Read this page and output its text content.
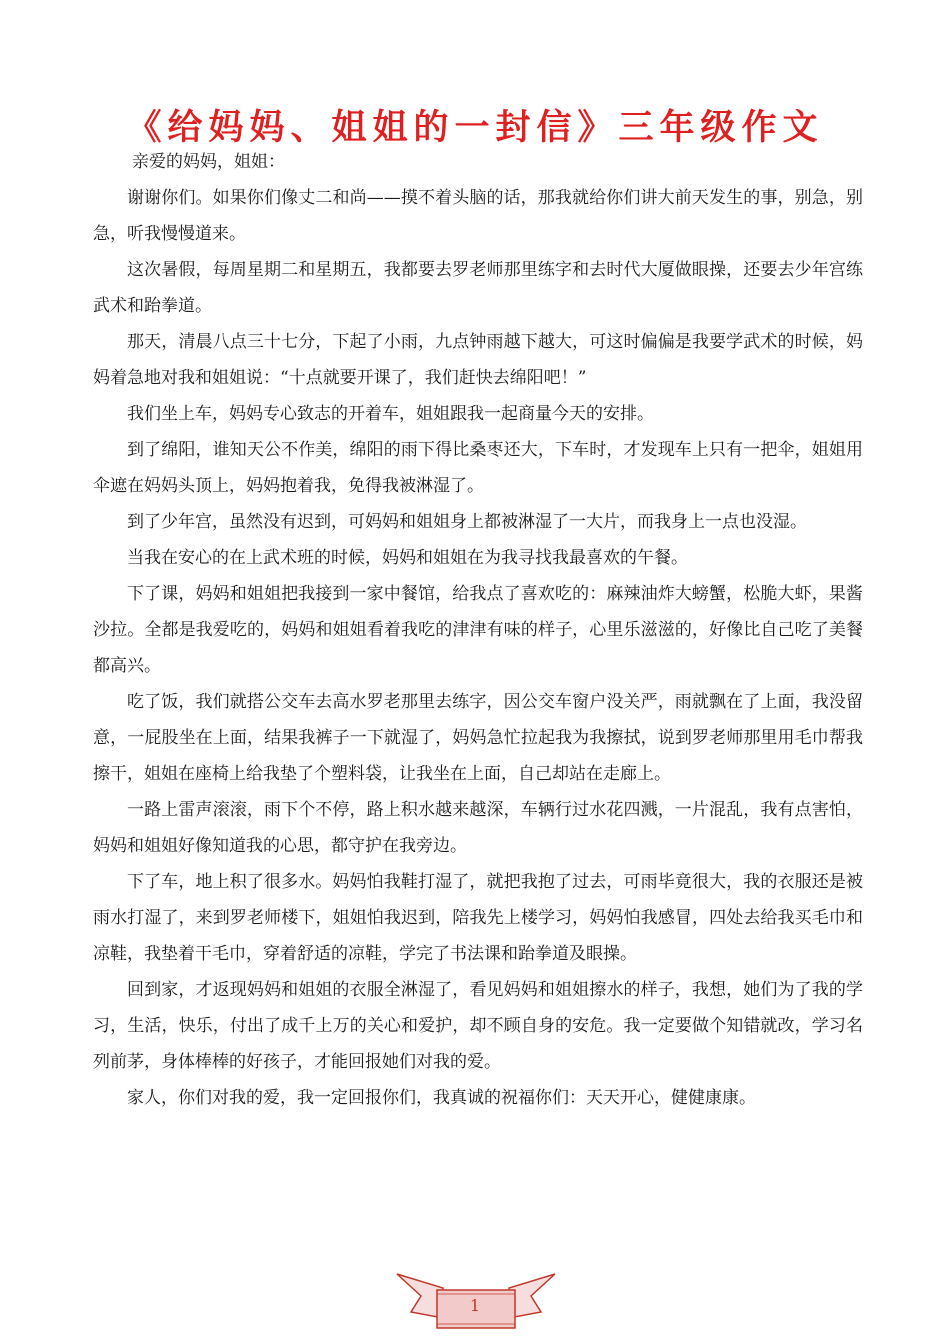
《给妈妈、姐姐的一封信》三年级作文
亲爱的妈妈，姐姐：

谢谢你们。如果你们像丈二和尚——摸不着头脑的话，那我就给你们讲大前天发生的事，别急，别急，听我慢慢道来。

这次暑假，每周星期二和星期五，我都要去罗老师那里练字和去时代大厦做眼操，还要去少年宫练武术和跆拳道。

那天，清晨八点三十七分，下起了小雨，九点钟雨越下越大，可这时偏偏是我要学武术的时候，妈妈着急地对我和姐姐说：“十点就要开课了，我们赶快去绵阳吧！”

我们坐上车，妈妈专心致志的开着车，姐姐跟我一起商量今天的安排。

到了绵阳，谁知天公不作美，绵阳的雨下得比桑枣还大，下车时，才发现车上只有一把伞，姐姐用伞遮在妈妈头顶上，妈妈抱着我，免得我被淋湿了。

到了少年宫，虽然没有迟到，可妈妈和姐姐身上都被淋湿了一大片，而我身上一点也没湿。

当我在安心的在上武术班的时候，妈妈和姐姐在为我寻找我最喜欢的午餐。

下了课，妈妈和姐姐把我接到一家中餐馆，给我点了喜欢吃的：麻辣油炸大螃蟹，松脆大虾，果酱沙拉。全都是我爱吃的，妈妈和姐姐看着我吃的津津有味的样子，心里乐滋滋的，好像比自己吃了美餐都高兴。

吃了饭，我们就搭公交车去高水罗老那里去练字，因公交车窗户没关严，雨就飘在了上面，我没留意，一屁股坐在上面，结果我裤子一下就湿了，妈妈急忙拉起我为我擦拭，说到罗老师那里用毛巾帮我擦干，姐姐在座椅上给我垫了个塑料袋，让我坐在上面，自己却站在走廊上。

一路上雷声滚滚，雨下个不停，路上积水越来越深，车辆行过水花四溅，一片混乱，我有点害怕，妈妈和姐姐好像知道我的心思，都守护在我旁边。

下了车，地上积了很多水。妈妈怕我鞋打湿了，就把我抱了过去，可雨毕竟很大，我的衣服还是被雨水打湿了，来到罗老师楼下，姐姐怕我迟到，陪我先上楼学习，妈妈怕我感冒，四处去给我买毛巾和凉鞋，我垫着干毛巾，穿着舒适的凉鞋，学完了书法课和跆拳道及眼操。

回到家，才返现妈妈和姐姐的衣服全淋湿了，看见妈妈和姐姐擦水的样子，我想，她们为了我的学习，生活，快乐，付出了成千上万的关心和爱护，却不顾自身的安危。我一定要做个知错就改，学习名列前茅，身体棒棒的好孩子，才能回报她们对我的爱。

家人，你们对我的爱，我一定回报你们，我真诚的祝福你们：天天开心，健健康康。

1
